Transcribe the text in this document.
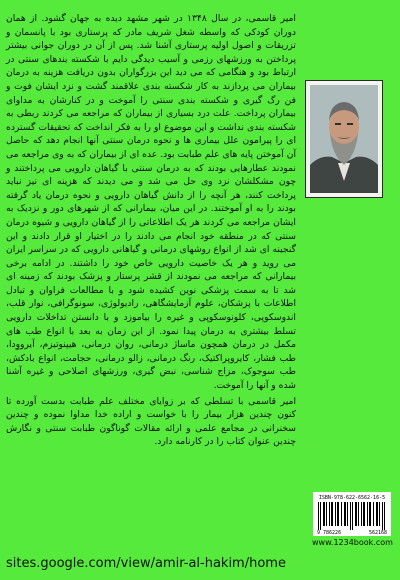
امیر قاسمی، در سال ۱۳۴۸ در شهر مشهد دیده به جهان گشود. از همان دوران کودکی که واسطه شغل شریف مادر که پرستاری بود با پانسمان و تزریقات و اصول اولیه پرستاری آشنا شد. پس از آن در دوران جوانی بیشتر پرداختن به ورزشهای رزمی و آسیب دیدگی دایم با شکسته بندهای سنتی در ارتباط بود و هنگامی که می دید این بزرگواران بدون دریافت هزینه به درمان بیماران می پردازند به کار شکسته بندی علاقمند گشت و نزد ایشان فوت و فن رگ گیری و شکسته بندی سنتی را آموخت و در کنارشان به مداوای بیماران پرداخت. علت درد بسیاری از بیماران که مراجعه می کردند ربطی به شکسته بندی نداشت و این موضوع او را به فکر انداخت که تحقیقات گسترده ای را پیرامون علل بیماری ها و نحوه درمان سنتی آنها انجام دهد که حاصل آن آموختن پایه های علم طبابت بود. عده ای از بیماران که به وی مراجعه می نمودند عطارهایی بودند که به درمان سنتی با گیاهان دارویی می پرداختند و چون مشکلشان نزد وی حل می شد و می دیدند که هزینه ای نیز نباید پرداخت کنند، هر آنچه را از دانش گیاهان دارویی و نحوه درمان یاد گرفته بودند را به او آموختند. در این میان، بیمارانی که از شهرهای دور و نزدیک به ایشان مراجعه می کردند هر یک اطلاعاتی را از گیاهان دارویی و شیوه درمان سنتی که در منطقه خود انجام می دادند را در اختیار او قرار دادند و این گنجینه ای شد از انواع روشهای درمانی و گیاهانی دارویی که در سراسر ایران می روید و هر یک خاصیت دارویی خاص خود را داشتند. در ادامه برخی بیمارانی که مراجعه می نمودند از قشر پرستار و پزشک بودند که زمینه ای شد تا به سمت پزشکی نوین کشیده شود و با مطالعات فراوان و تبادل اطلاعات با پزشکان، علوم آزمایشگاهی، رادیولوژی، سونوگرافی، نوار قلب، اندوسکوپی، کلونوسکوپی و غیره را بیاموزد و با دانستن تداخلات دارویی تسلط بیشتری به درمان پیدا نمود. از این زمان به بعد با انواع طب های مکمل در درمان همچون ماساژ درمانی، روان درمانی، هیپنوتیزم، آیرووِدا، طب فشار، کایروپراکتیک، رنگ درمانی، زالو درمانی، حجامت، انواع بادکش، طب سوجوک، مزاج شناسی، نبض گیری، ورزشهای اصلاحی و غیره آشنا شده و آنها را آموخت.

امیر قاسمی با تسلطی که بر زوایای مختلف علم طبابت بدست آورده تا کنون چندین هزار بیمار را با خواست و اراده خدا مداوا نموده و چندین سخنرانی در مجامع علمی و ارائه مقالات گوناگون طبابت سنتی و نگارش چندین عنوان کتاب را در کارنامه دارد.

ISBN-978-622-6562-16-5
9 786226	562168
www.1234book.com
sites.google.com/view/amir-al-hakim/home
